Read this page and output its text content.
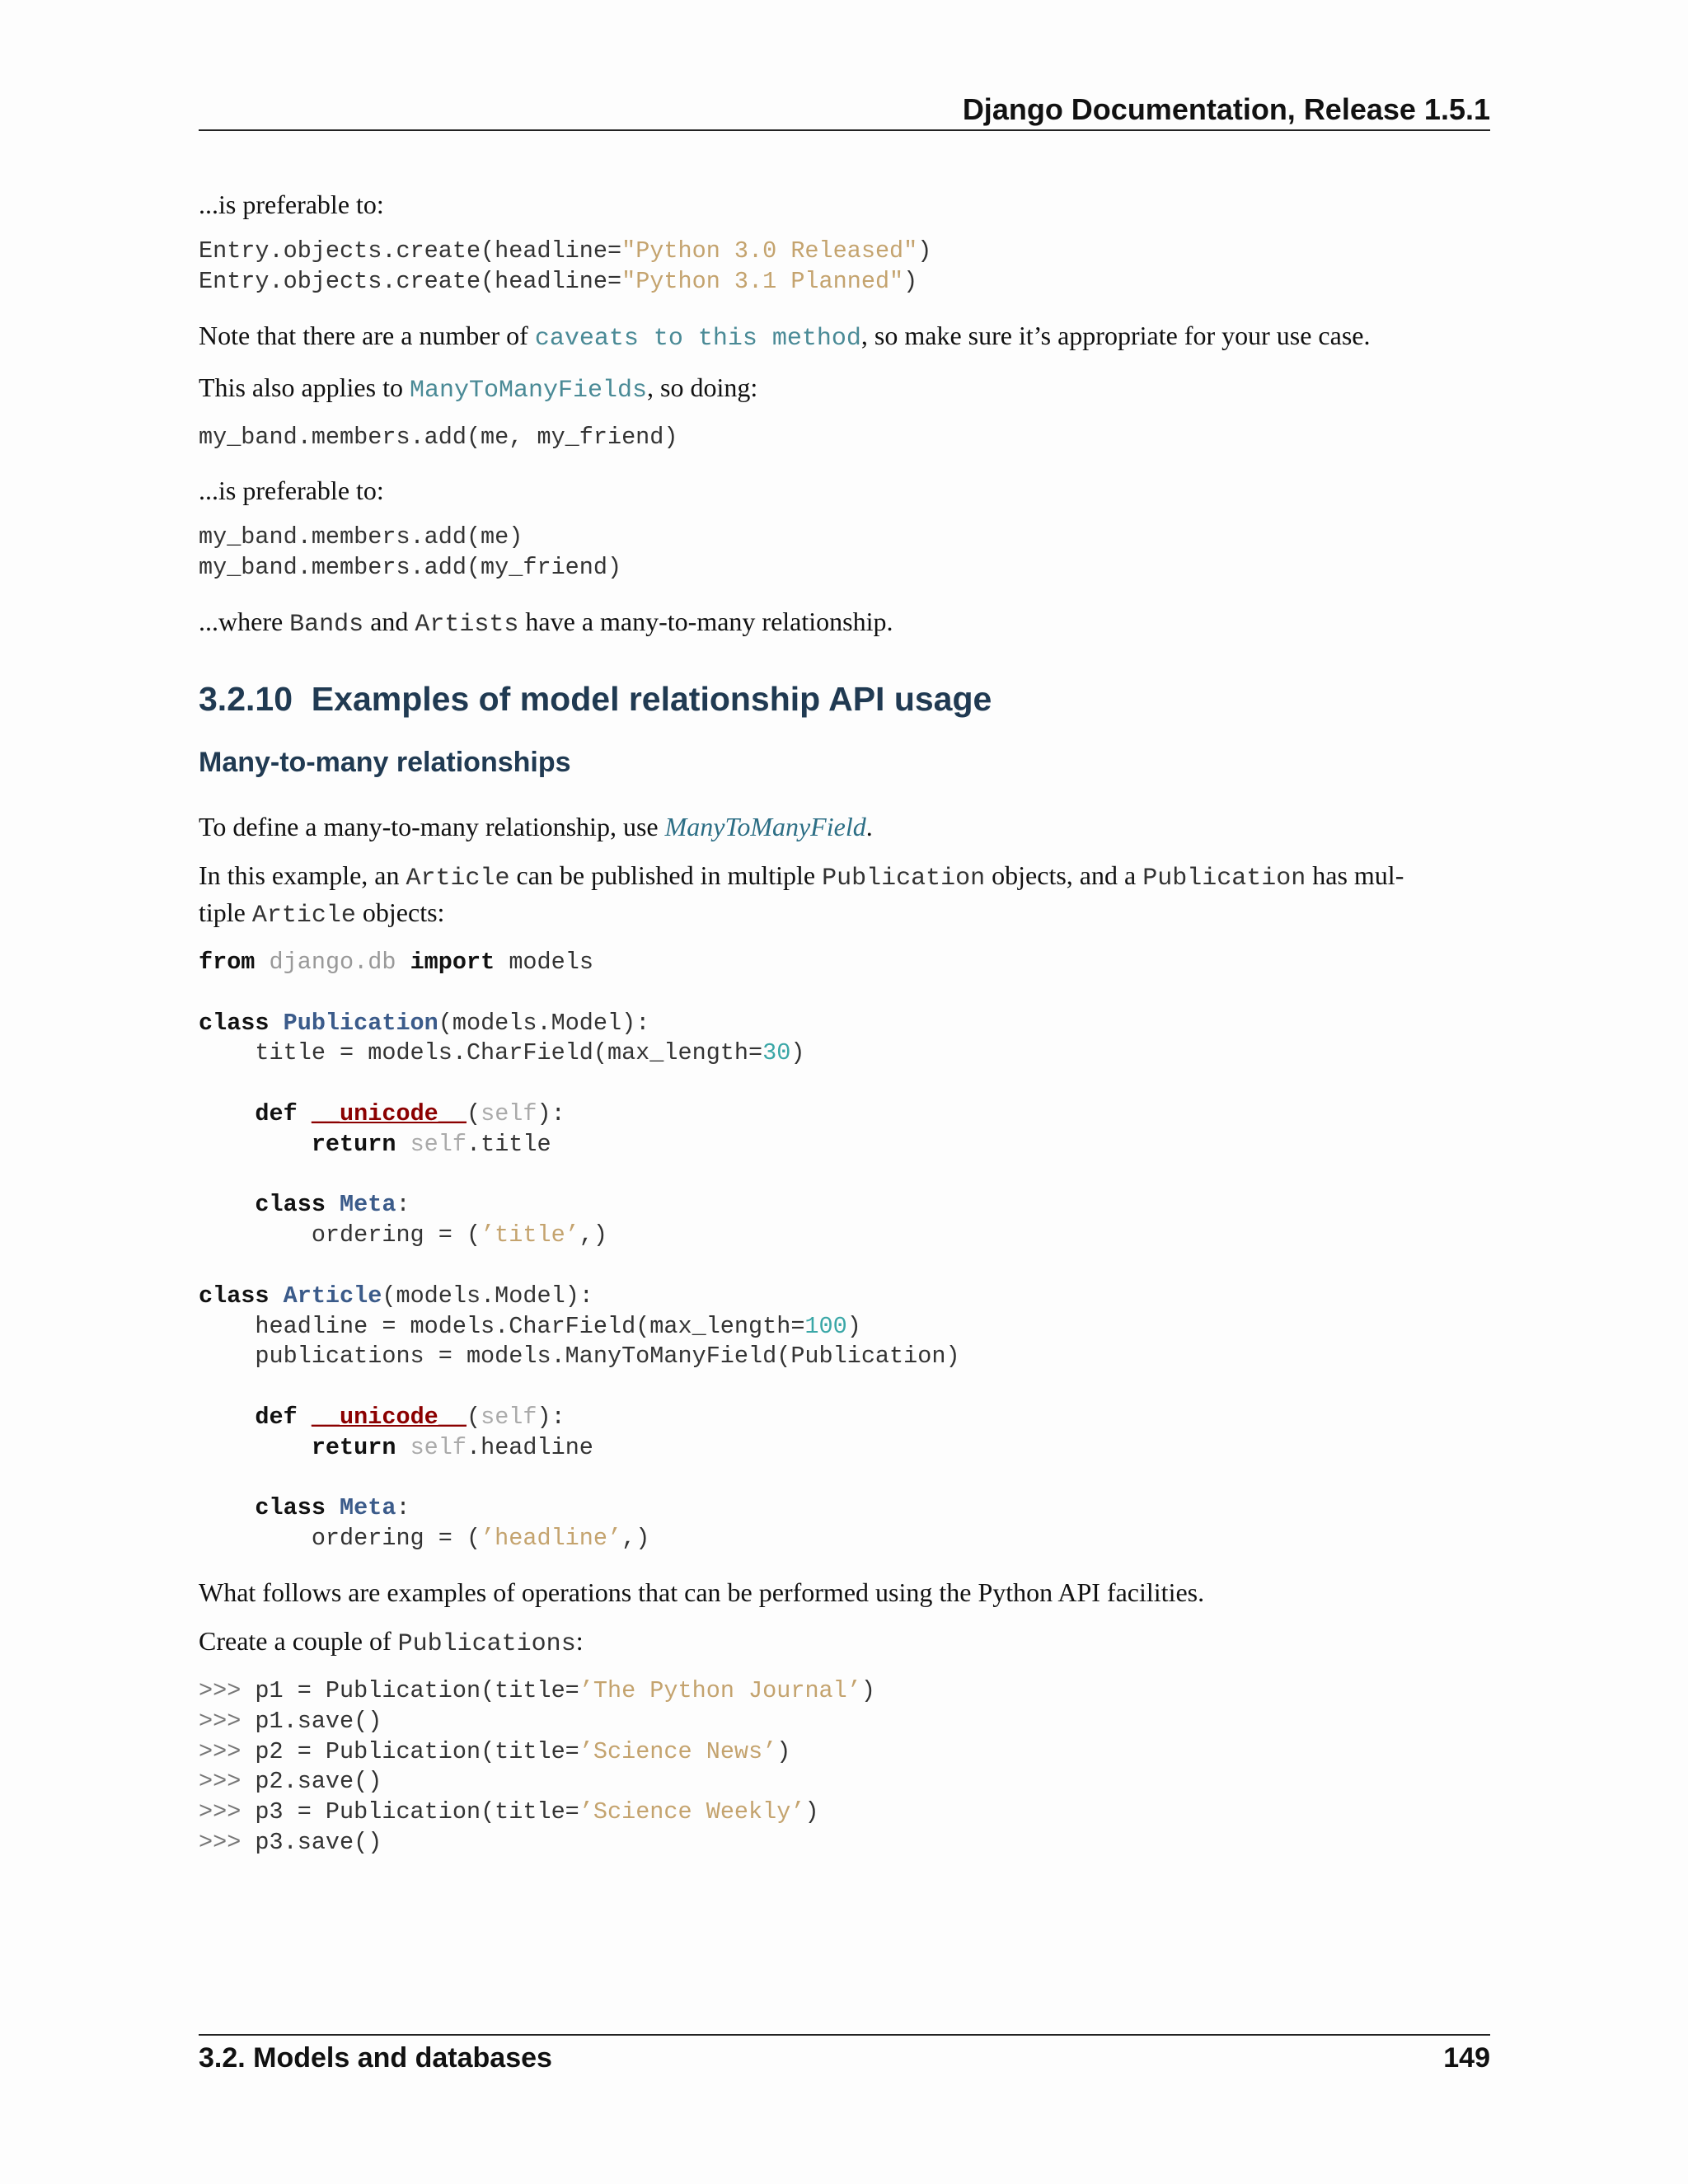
Django Documentation, Release 1.5.1

...is preferable to:

Entry.objects.create(headline="Python 3.0 Released")
Entry.objects.create(headline="Python 3.1 Planned")

Note that there are a number of caveats to this method, so make sure it’s appropriate for your use case.

This also applies to ManyToManyFields, so doing:

my_band.members.add(me, my_friend)

...is preferable to:

my_band.members.add(me)
my_band.members.add(my_friend)

...where Bands and Artists have a many-to-many relationship.

3.2.10 Examples of model relationship API usage
Many-to-many relationships

To define a many-to-many relationship, use ManyToManyField.

In this example, an Article can be published in multiple Publication objects, and a Publication has mul-
tiple Article objects:

from django.db import models

class Publication(models.Model):
title = models.CharField(max_length=30)

def __unicode__(self):
return self.title

class Meta:
ordering = (’title’,)

class Article(models.Model):
headline = models.CharField(max_length=100)
publications = models.ManyToManyField(Publication)

def __unicode__(self):
return self.headline

class Meta:
ordering = (’headline’,)

What follows are examples of operations that can be performed using the Python API facilities.

Create a couple of Publications:

>>> p1 = Publication(title=’The Python Journal’)
>>> p1.save()
>>> p2 = Publication(title=’Science News’)
>>> p2.save()
>>> p3 = Publication(title=’Science Weekly’)
>>> p3.save()
3.2. Models and databases	149
